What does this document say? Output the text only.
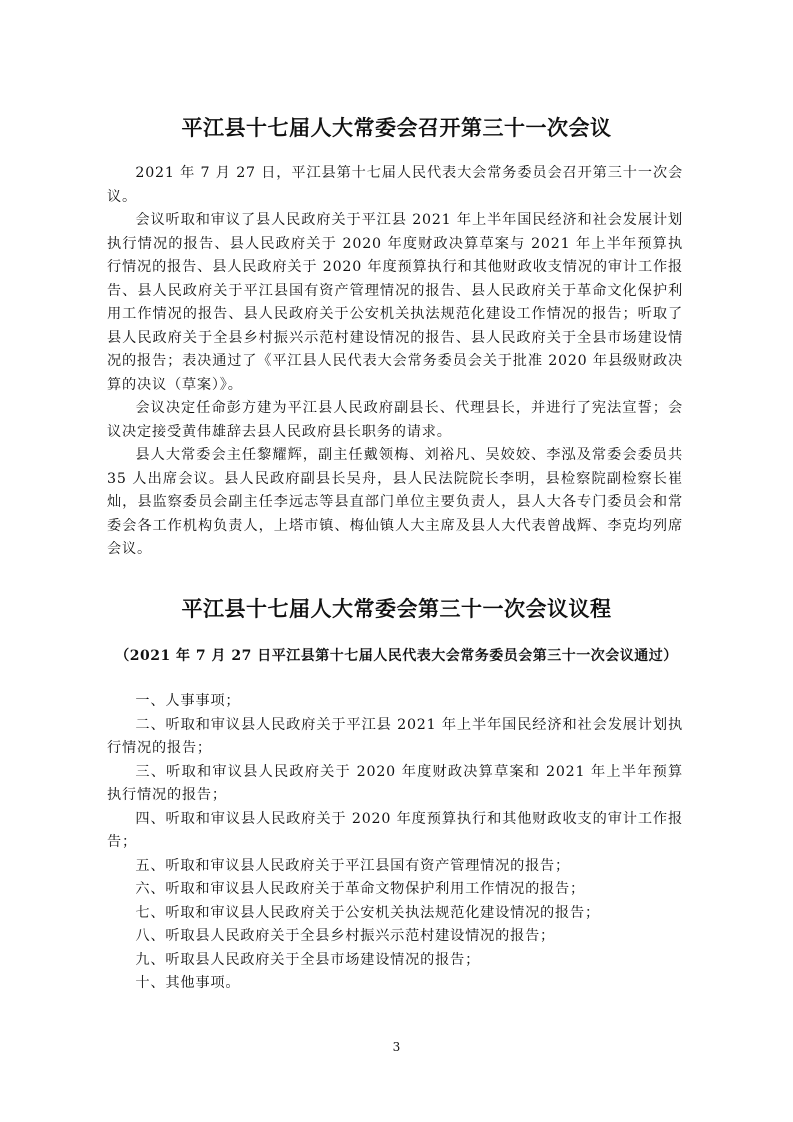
平江县十七届人大常委会召开第三十一次会议

2021 年 7 月 27 日，平江县第十七届人民代表大会常务委员会召开第三十一次会议。

会议听取和审议了县人民政府关于平江县 2021 年上半年国民经济和社会发展计划执行情况的报告、县人民政府关于 2020 年度财政决算草案与 2021 年上半年预算执行情况的报告、县人民政府关于 2020 年度预算执行和其他财政收支情况的审计工作报告、县人民政府关于平江县国有资产管理情况的报告、县人民政府关于革命文化保护利用工作情况的报告、县人民政府关于公安机关执法规范化建设工作情况的报告；听取了县人民政府关于全县乡村振兴示范村建设情况的报告、县人民政府关于全县市场建设情况的报告；表决通过了《平江县人民代表大会常务委员会关于批准 2020 年县级财政决算的决议（草案）》。

会议决定任命彭方建为平江县人民政府副县长、代理县长，并进行了宪法宣誓；会议决定接受黄伟雄辞去县人民政府县长职务的请求。

县人大常委会主任黎耀辉，副主任戴领梅、刘裕凡、吴姣姣、李泓及常委会委员共 35 人出席会议。县人民政府副县长吴舟，县人民法院院长李明，县检察院副检察长崔灿，县监察委员会副主任李远志等县直部门单位主要负责人，县人大各专门委员会和常委会各工作机构负责人，上塔市镇、梅仙镇人大主席及县人大代表曾战辉、李克均列席会议。

平江县十七届人大常委会第三十一次会议议程

（2021 年 7 月 27 日平江县第十七届人民代表大会常务委员会第三十一次会议通过）

一、人事事项；

二、听取和审议县人民政府关于平江县 2021 年上半年国民经济和社会发展计划执行情况的报告；

三、听取和审议县人民政府关于 2020 年度财政决算草案和 2021 年上半年预算执行情况的报告；

四、听取和审议县人民政府关于 2020 年度预算执行和其他财政收支的审计工作报告；

五、听取和审议县人民政府关于平江县国有资产管理情况的报告；

六、听取和审议县人民政府关于革命文物保护利用工作情况的报告；

七、听取和审议县人民政府关于公安机关执法规范化建设情况的报告；

八、听取县人民政府关于全县乡村振兴示范村建设情况的报告；

九、听取县人民政府关于全县市场建设情况的报告；

十、其他事项。

3
